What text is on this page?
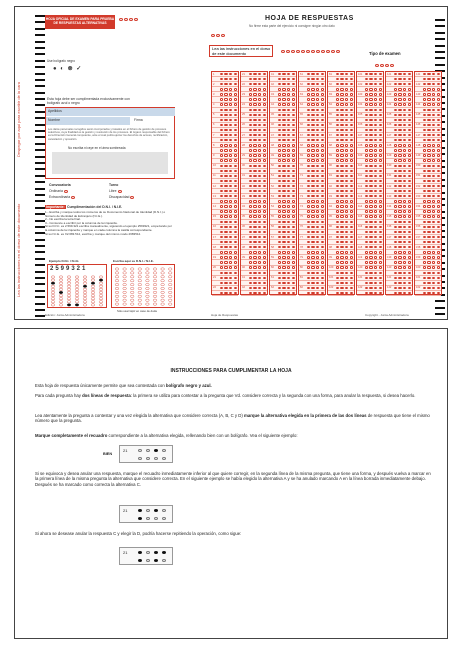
Despegar por aquí para escribir de la cara
Lea las instrucciones en el dorso de este documento
HOJA OFICIAL DE EXAMEN PARA PRUEBA DE RESPUESTAS ALTERNATIVAS
Use bolígrafo negro
● ◐ ⊗ ✓
Esta hoja debe ser cumplimentada exclusivamente con bolígrafo azul o negro
Apellidos
Nombre	Firma
Los datos personales recogidos serán incorporados y tratados en el fichero de gestión de procesos selectivos, cuya finalidad es la gestión y resolución de los procesos. El órgano responsable del fichero es la Dirección General competente, ante el cual podrá ejercer los derechos de acceso, rectificación, cancelación y oposición.
No escriba ni raye en el área sombreada
Convocatoria	Turno
Ordinaria
Extraordinaria
Libre
Discapacidad
Importante: Cumplimentación del D.N.I. / N.I.E.
1.- Escriba y marque todos los números de su Documento Nacional de Identidad (D.N.I.) o Número de Identidad de Extranjero (N.I.E.).
2.- No escriba la letra final.
3.- Comience a escribir por la columna de la izquierda.
Si su D.N.I. es 2.599.321 escriba manualmente, siguiendo el ejemplo 2599321, empezando por la columna de la izquierda y marque en cada columna la casilla correspondiente.
Si su N.I.E. es X2.683.512, escriba y marque del mismo modo 2683512.
Ejemplo D.N.I. / N.I.E.	Escriba aquí su D.N.I. / N.I.E.
2599321
Sólo usar lápiz en caso de duda
HOJA DE RESPUESTAS
No firme esta parte del ejercicio ni consigne ningún otro dato
Lea las instrucciones en el dorso de este documento	Tipo de examen
1
2
3
4
5
6
7
8
9
10
11
12
13
14
15
16
17
18
19
20
21
22
21
22
23
24
25
26
27
28
29
30
31
32
33
34
35
36
37
38
39
40
41
42
41
42
43
44
45
46
47
48
49
50
51
52
53
54
55
56
57
58
59
60
61
62
61
62
63
64
65
66
67
68
69
70
71
72
73
74
75
76
77
78
79
80
81
82
81
82
83
84
85
86
87
88
89
90
91
92
93
94
95
96
97
98
99
100
101
102
101
102
103
104
105
106
107
108
109
110
111
112
113
114
115
116
117
118
119
120
121
122
121
122
123
124
125
126
127
128
129
130
131
132
133
134
135
136
137
138
139
140
141
142
141
142
143
144
145
146
147
148
149
150
151
152
153
154
155
156
157
158
159
160
161
162
Edición: Junta Administradora	Hoja de Respuestas	Copyright - Junta Administradora
INSTRUCCIONES PARA CUMPLIMENTAR LA HOJA
Esta hoja de respuesta únicamente permite que sea contestada con bolígrafo negro y azul.
Para cada pregunta hay dos líneas de respuesta: la primera se utiliza para contestar a la pregunta que Vd. considere correcta y la segunda con una forma, para anular la respuesta, si desea hacerlo.
Lea atentamente la pregunta a contestar y una vez elegida la alternativa que considere correcta (A, B, C y D) marque la alternativa elegida en la primera de las dos líneas de respuesta que tiene el mismo número que la pregunta.
Marque completamente el recuadro correspondiente a la alternativa elegida, rellenando bien con un bolígrafo. Vea el siguiente ejemplo:
BIEN
21
Si se equivoca y desea anular una respuesta, marque el recuadro inmediatamente inferior al que quiere corregir, en la segunda línea de la misma pregunta, que tiene una forma, y después vuelva a marcar en la primera línea de la misma pregunta la alternativa que considere correcta. En el siguiente ejemplo se había elegido la alternativa A y se ha anulado marcando A en la línea borrada inmediatamente debajo. Después se ha marcado como correcta la alternativa C.
21
Si ahora se desease anular la respuesta C y elegir la D, podría hacerse repitiendo la operación, como sigue:
21
